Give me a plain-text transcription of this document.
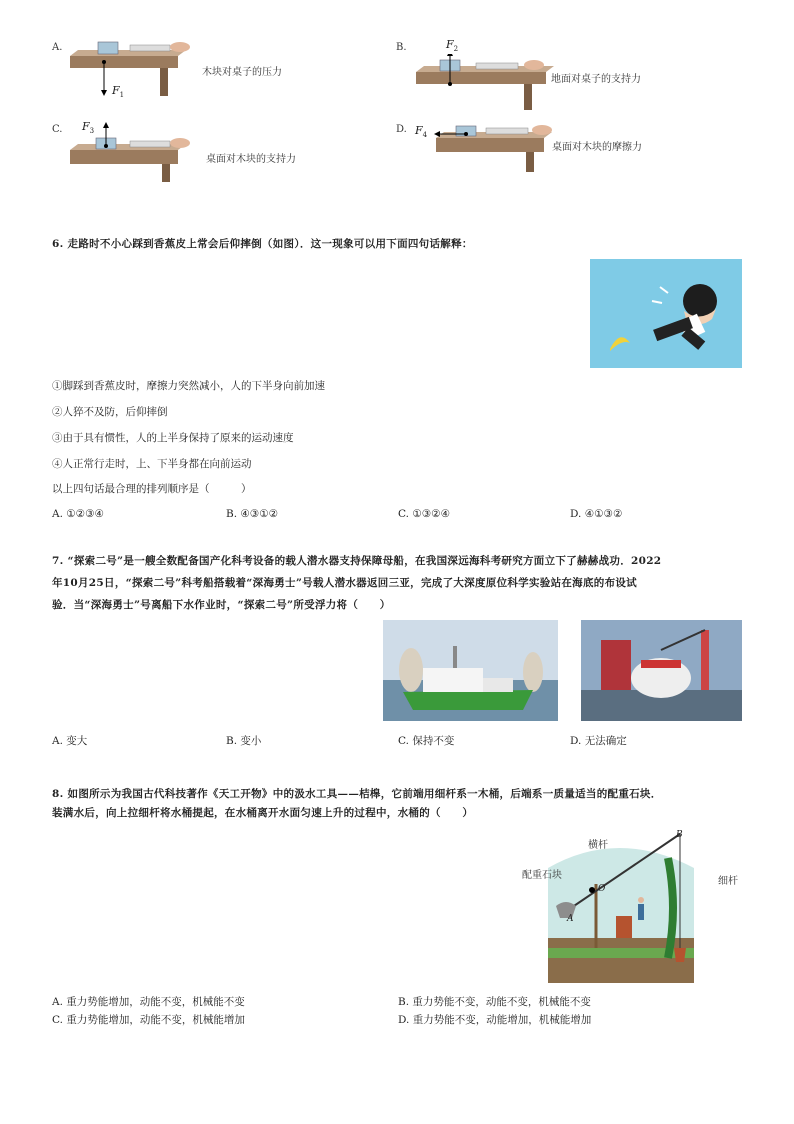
A.
$F_1$
木块对桌子的压力
B.	$F_2$
地面对桌子的支持力
C. $F_3$
桌面对木块的支持力
D. $F_4$
桌面对木块的摩擦力
6. 走路时不小心踩到香蕉皮上常会后仰摔倒（如图）．这一现象可以用下面四句话解释：
①脚踩到香蕉皮时，摩擦力突然减小，人的下半身向前加速
②人猝不及防，后仰摔倒
③由于具有惯性，人的上半身保持了原来的运动速度
④人正常行走时，上、下半身都在向前运动
以上四句话最合理的排列顺序是（　　　）
A. ①②③④	B. ④③①②	C. ①③②④	D. ④①③②
7. “探索二号”是一艘全数配备国产化科考设备的载人潜水器支持保障母船，在我国深远海科考研究方面立下了赫赫战功．2022
年10月25日，“探索二号”科考船搭载着“深海勇士”号载人潜水器返回三亚，完成了大深度原位科学实验站在海底的布设试
验．当“深海勇士”号离船下水作业时，“探索二号”所受浮力将（　　）
A. 变大	B. 变小	C. 保持不变	D. 无法确定
8. 如图所示为我国古代科技著作《天工开物》中的汲水工具——桔槔，它前端用细杆系一木桶，后端系一质量适当的配重石块．
装满水后，向上拉细杆将水桶提起，在水桶离开水面匀速上升的过程中，水桶的（　　）
横杆
配重石块
细杆
B
O
A
A. 重力势能增加，动能不变，机械能不变	B. 重力势能不变，动能不变，机械能不变
C. 重力势能增加，动能不变，机械能增加	D. 重力势能不变，动能增加，机械能增加
